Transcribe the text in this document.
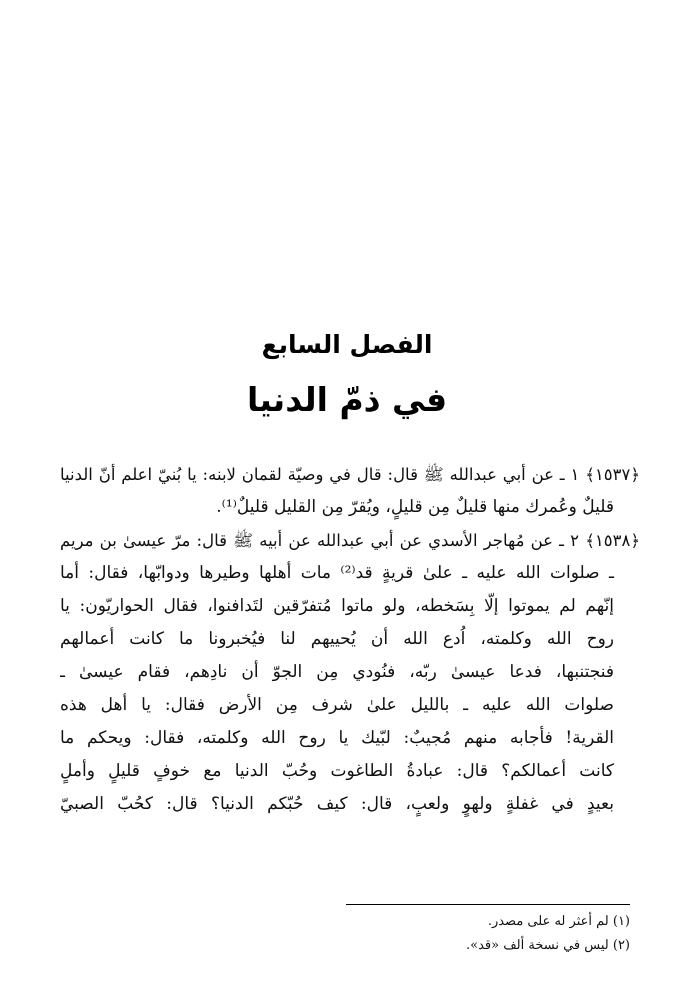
الفصل السابع
في ذمّ الدنيا
﴿١٥٣٧﴾ ١ ـ عن أبي عبدالله ﷺ قال: قال في وصيّة لقمان لابنه: يا بُنيّ اعلم أنّ الدنيا
قليلٌ وعُمرك منها قليلٌ مِن قليلٍ، ويُقرّ مِن القليل قليلٌ⁽¹⁾.
﴿١٥٣٨﴾ ٢ ـ عن مُهاجر الأسدي عن أبي عبدالله عن أبيه ﷺ قال: مرّ عيسىٰ بن مريم
ـ صلوات الله عليه ـ علىٰ قريةٍ قد⁽²⁾ مات أهلها وطيرها ودوابّها، فقال: أما
إنّهم لم يموتوا إلّا بِسَخطه، ولو ماتوا مُتفرّقين لتَدافنوا، فقال الحواريّون: يا
روح الله وكلمته، اُدع الله أن يُحييهم لنا فيُخبرونا ما كانت أعمالهم
فنجتنبها، فدعا عيسىٰ ربّه، فنُودي مِن الجوّ أن نادِهم، فقام عيسىٰ ـ
صلوات الله عليه ـ بالليل علىٰ شرف مِن الأرض فقال: يا أهل هذه
القرية! فأجابه منهم مُجيبٌ: لبّيك يا روح الله وكلمته، فقال: ويحكم ما
كانت أعمالكم؟ قال: عبادةُ الطاغوت وحُبّ الدنيا مع خوفٍ قليلٍ وأملٍ
بعيدٍ في غفلةٍ ولهوٍ ولعبٍ، قال: كيف حُبّكم الدنيا؟ قال: كحُبّ الصبيّ
(١) لم أعثر له على مصدر.
(٢) ليس في نسخة ألف «قد».
